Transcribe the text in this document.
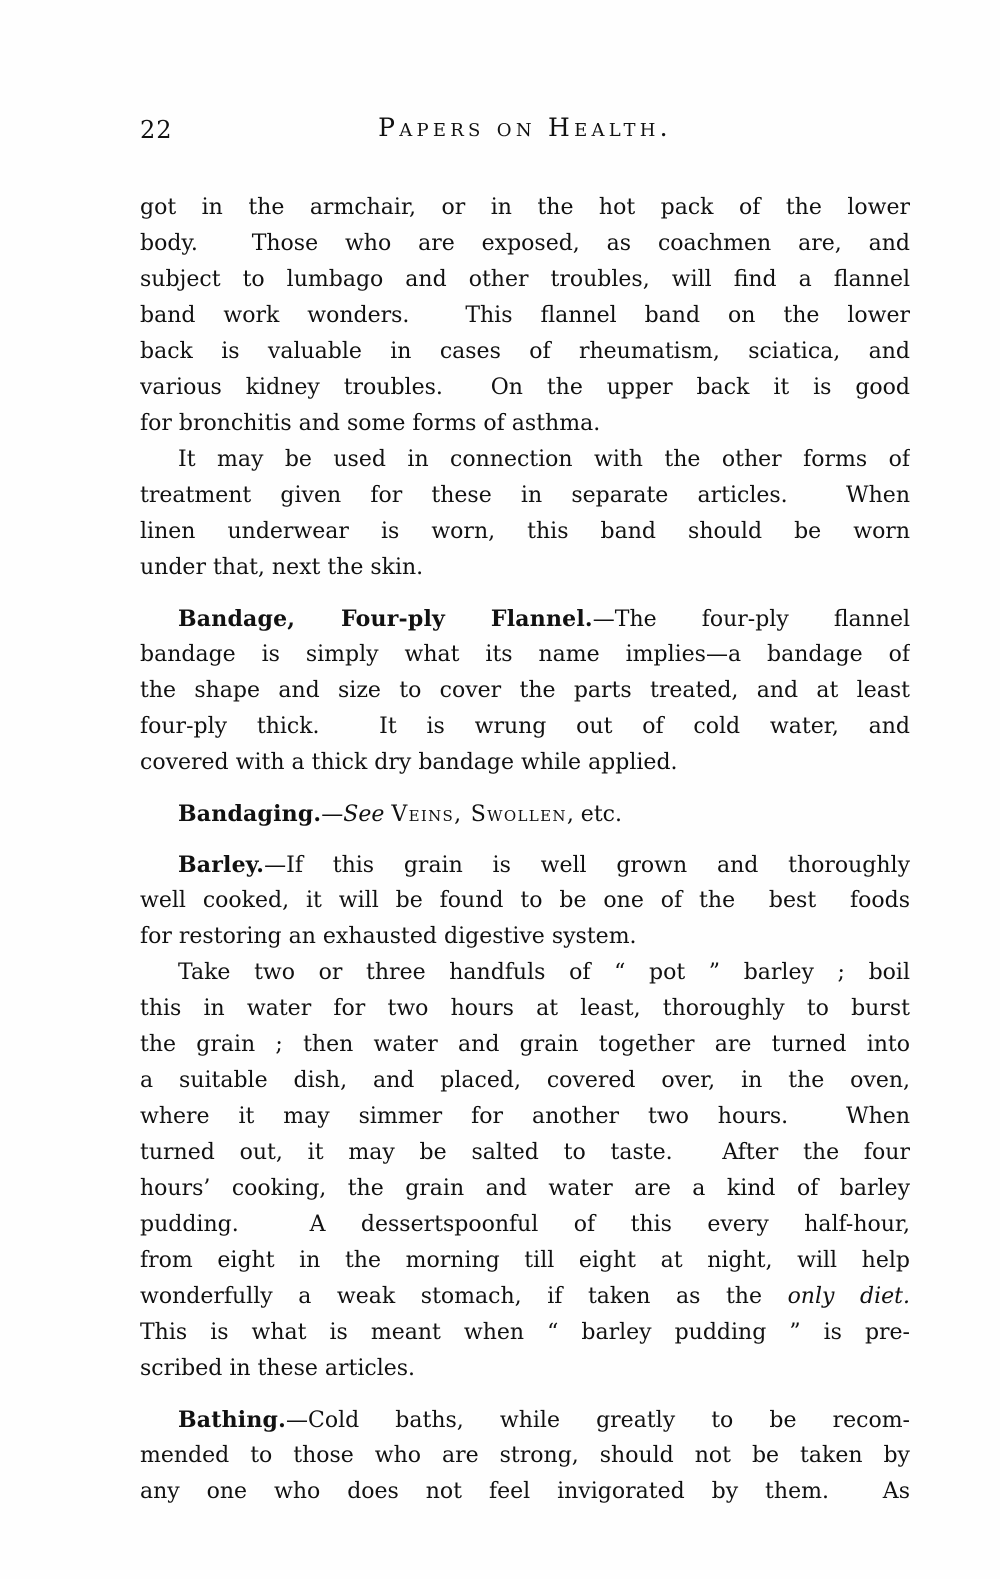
22	Papers on Health.
got in the armchair, or in the hot pack of the lower
body.  Those who are exposed, as coachmen are, and
subject to lumbago and other troubles, will find a flannel
band work wonders.  This flannel band on the lower
back is valuable in cases of rheumatism, sciatica, and
various kidney troubles.  On the upper back it is good
for bronchitis and some forms of asthma.
It may be used in connection with the other forms of
treatment given for these in separate articles.  When
linen underwear is worn, this band should be worn
under that, next the skin.
Bandage, Four-ply Flannel.—The four-ply flannel
bandage is simply what its name implies—a bandage of
the shape and size to cover the parts treated, and at least
four-ply thick.  It is wrung out of cold water, and
covered with a thick dry bandage while applied.
Bandaging.—See Veins, Swollen, etc.
Barley.—If this grain is well grown and thoroughly
well cooked, it will be found to be one of the  best  foods
for restoring an exhausted digestive system.
Take two or three handfuls of “ pot ” barley ; boil
this in water for two hours at least, thoroughly to burst
the grain ; then water and grain together are turned into
a suitable dish, and placed, covered over, in the oven,
where it may simmer for another two hours.  When
turned out, it may be salted to taste.  After the four
hours’ cooking, the grain and water are a kind of barley
pudding.  A dessertspoonful of this every half-hour,
from eight in the morning till eight at night, will help
wonderfully a weak stomach, if taken as the only diet.
This is what is meant when “ barley pudding ” is pre-
scribed in these articles.
Bathing.—Cold baths, while greatly to be recom-
mended to those who are strong, should not be taken by
any one who does not feel invigorated by them.  As
